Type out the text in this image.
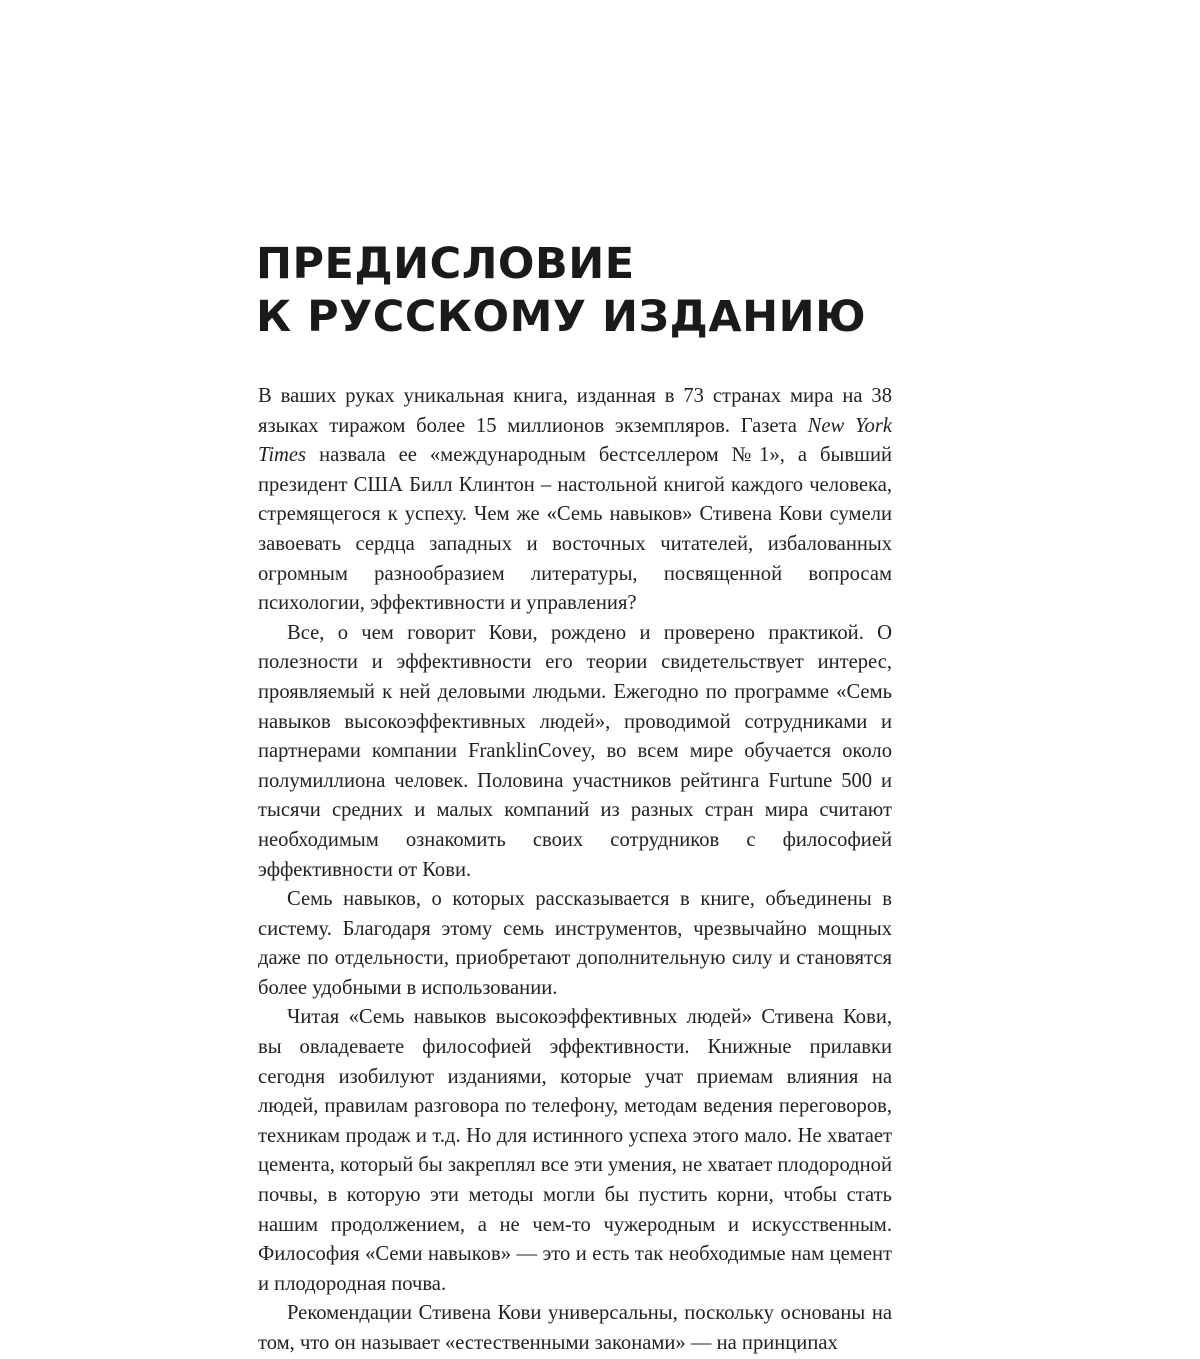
ПРЕДИСЛОВИЕ
К РУССКОМУ ИЗДАНИЮ

В ваших руках уникальная книга, изданная в 73 странах мира на 38 языках тиражом более 15 миллионов экземпляров. Газета New York Times назвала ее «международным бестселлером №1», а бывший президент США Билл Клинтон – настольной книгой каждого человека, стремящегося к успеху. Чем же «Семь навыков» Стивена Кови сумели завоевать сердца западных и восточных читателей, избалованных огромным разнообразием литературы, посвященной вопросам психологии, эффективности и управления?

Все, о чем говорит Кови, рождено и проверено практикой. О полезности и эффективности его теории свидетельствует интерес, проявляемый к ней деловыми людьми. Ежегодно по программе «Семь навыков высокоэффективных людей», проводимой сотрудниками и партнерами компании FranklinCovey, во всем мире обучается около полумиллиона человек. Половина участников рейтинга Furtune 500 и тысячи средних и малых компаний из разных стран мира считают необходимым ознакомить своих сотрудников с философией эффективности от Кови.

Семь навыков, о которых рассказывается в книге, объединены в систему. Благодаря этому семь инструментов, чрезвычайно мощных даже по отдельности, приобретают дополнительную силу и становятся более удобными в использовании.

Читая «Семь навыков высокоэффективных людей» Стивена Кови, вы овладеваете философией эффективности. Книжные прилавки сегодня изобилуют изданиями, которые учат приемам влияния на людей, правилам разговора по телефону, методам ведения переговоров, техникам продаж и т.д. Но для истинного успеха этого мало. Не хватает цемента, который бы закреплял все эти умения, не хватает плодородной почвы, в которую эти методы могли бы пустить корни, чтобы стать нашим продолжением, а не чем-то чужеродным и искусственным. Философия «Семи навыков» — это и есть так необходимые нам цемент и плодородная почва.

Рекомендации Стивена Кови универсальны, поскольку основаны на том, что он называет «естественными законами» — на принципах
